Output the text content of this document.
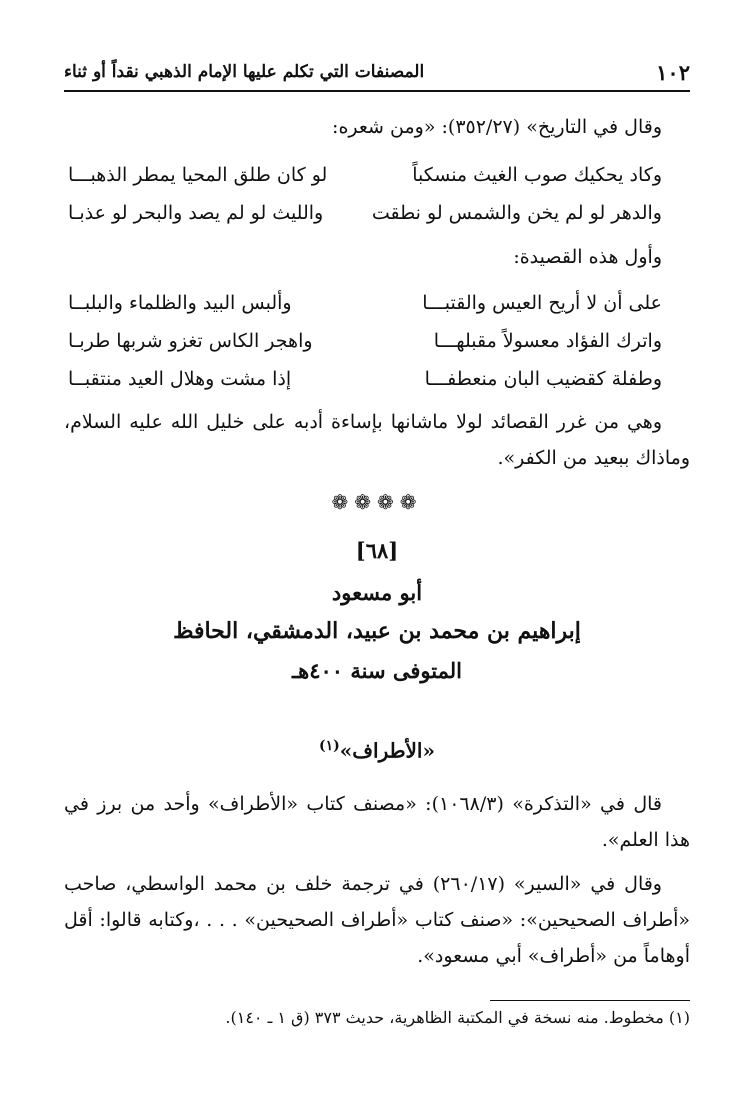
١٠٢
المصنفات التي تكلم عليها الإمام الذهبي نقداً أو ثناء
وقال في التاريخ» (٣٥٢/٢٧): «ومن شعره:
وكاد يحكيك صوب الغيث منسكباً
لو كان طلق المحيا يمطر الذهبـــا
والدهر لو لم يخن والشمس لو نطقت
والليث لو لم يصد والبحر لو عذبـا
وأول هذه القصيدة:
على أن لا أريح العيس والقتبـــا
وألبس البيد والظلماء والبلبــا
واترك الفؤاد معسولاً مقبلهـــا
واهجر الكاس تغزو شربها طربـا
وطفلة كقضيب البان منعطفـــا
إذا مشت وهلال العيد منتقبــا
وهي من غرر القصائد لولا ماشانها بإساءة أدبه على خليل الله عليه السلام، وماذاك ببعيد من الكفر».
❁❁❁❁
[٦٨]
أبو مسعود
إبراهيم بن محمد بن عبيد، الدمشقي، الحافظ
المتوفى سنة ٤٠٠هـ
«الأطراف»$^{(١)}$
قال في «التذكرة» (١٠٦٨/٣): «مصنف كتاب «الأطراف» وأحد من برز في هذا العلم».
وقال في «السير» (٢٦٠/١٧) في ترجمة خلف بن محمد الواسطي، صاحب «أطراف الصحيحين»: «صنف كتاب «أطراف الصحيحين» . . . ،وكتابه قالوا: أقل أوهاماً من «أطراف» أبي مسعود».
(١) مخطوط. منه نسخة في المكتبة الظاهرية، حديث ٣٧٣ (ق ١ ـ ١٤٠).
